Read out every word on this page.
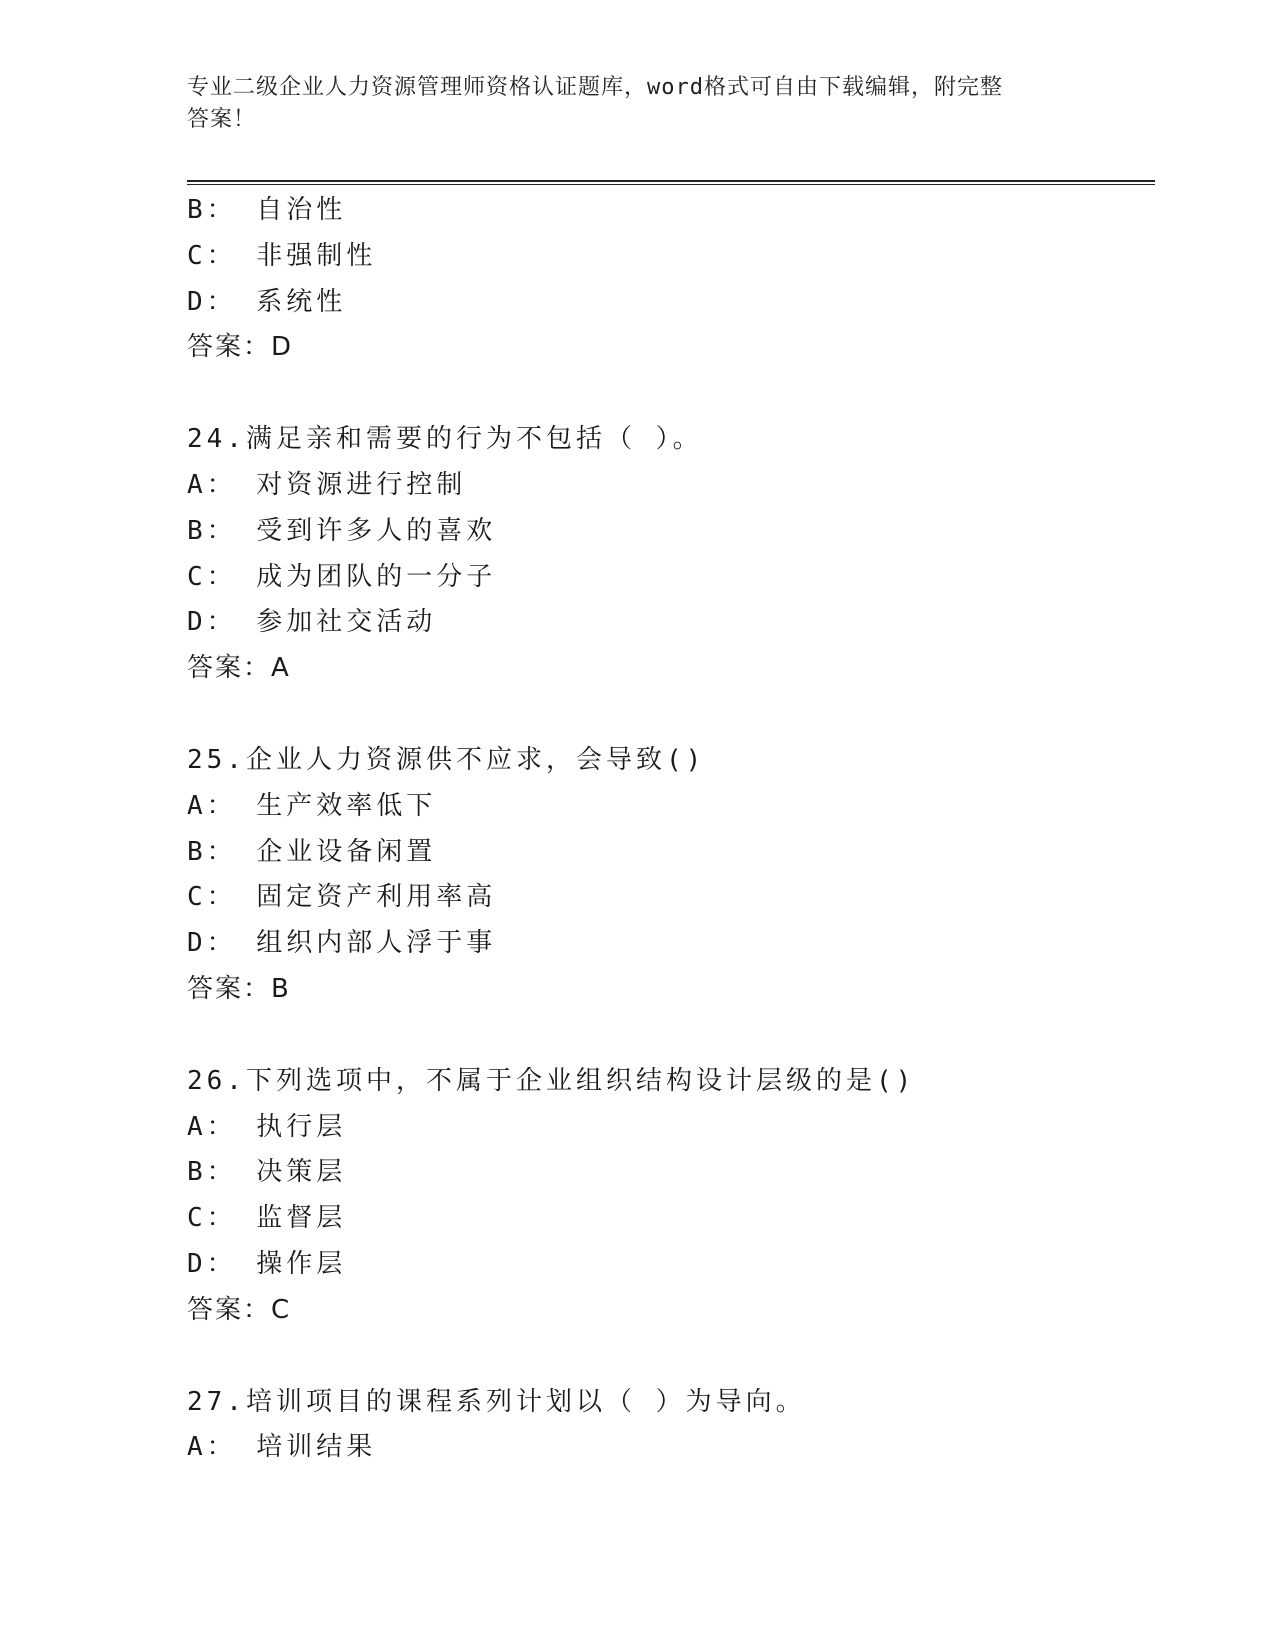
专业二级企业人力资源管理师资格认证题库，word格式可自由下载编辑，附完整
答案！
B： 自治性
C： 非强制性
D： 系统性
答案：D
24.满足亲和需要的行为不包括（ ）。
A： 对资源进行控制
B： 受到许多人的喜欢
C： 成为团队的一分子
D： 参加社交活动
答案：A
25.企业人力资源供不应求，会导致()
A： 生产效率低下
B： 企业设备闲置
C： 固定资产利用率高
D： 组织内部人浮于事
答案：B
26.下列选项中，不属于企业组织结构设计层级的是()
A： 执行层
B： 决策层
C： 监督层
D： 操作层
答案：C
27.培训项目的课程系列计划以（ ）为导向。
A： 培训结果
